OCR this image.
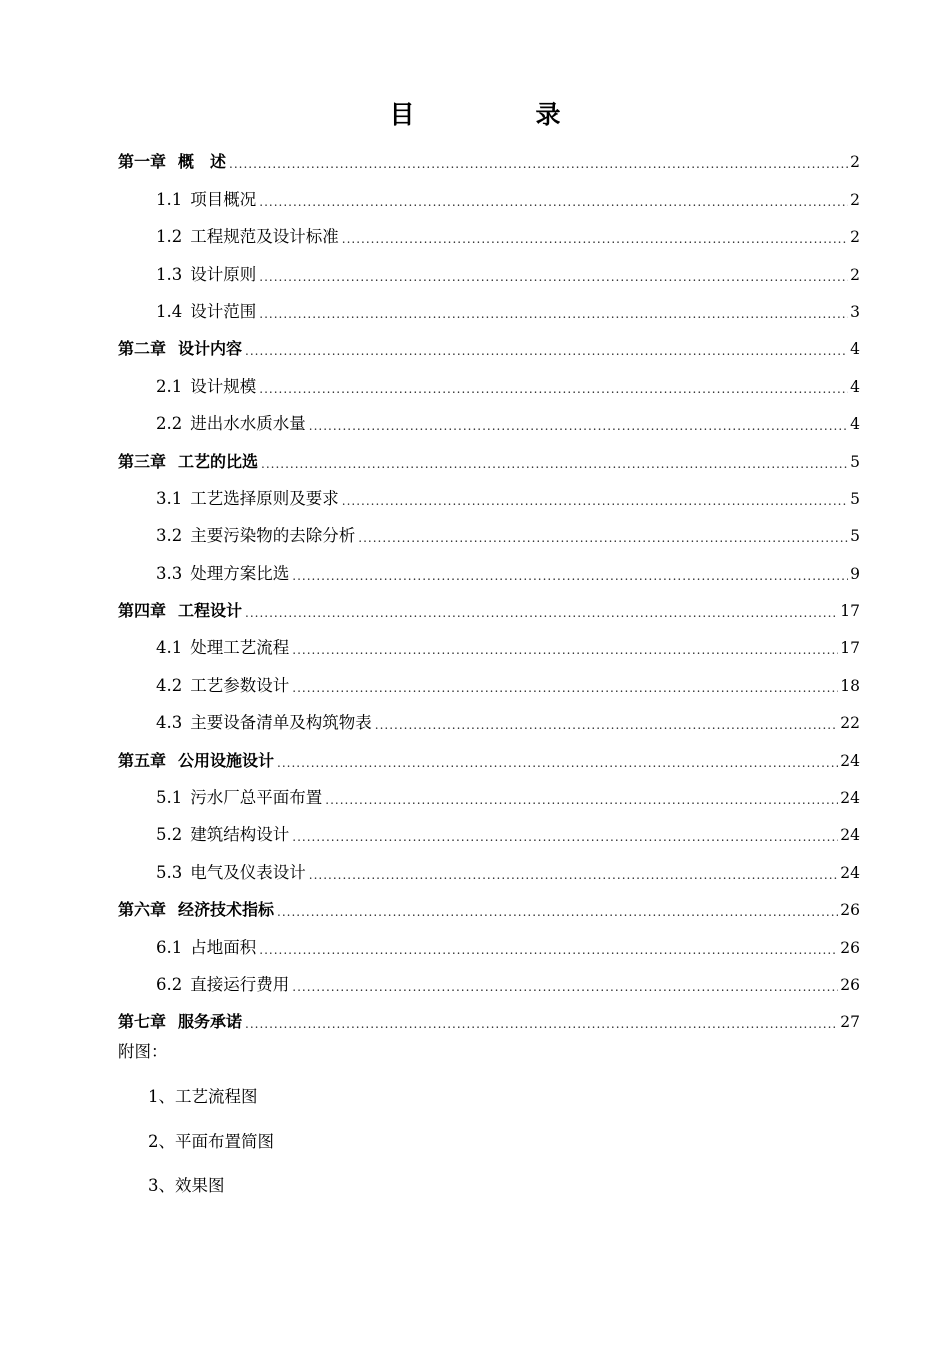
目　录
第一章 概　述 .....	2
1.1 项目概况 .....	2
1.2 工程规范及设计标准 .....	2
1.3 设计原则 .....	2
1.4 设计范围 .....	3
第二章 设计内容 .....	4
2.1 设计规模 .....	4
2.2 进出水水质水量 .....	4
第三章 工艺的比选 .....	5
3.1 工艺选择原则及要求 .....	5
3.2 主要污染物的去除分析 .....	5
3.3 处理方案比选 .....	9
第四章 工程设计 .....	17
4.1 处理工艺流程 .....	17
4.2 工艺参数设计 .....	18
4.3 主要设备清单及构筑物表 .....	22
第五章 公用设施设计 .....	24
5.1 污水厂总平面布置 .....	24
5.2 建筑结构设计 .....	24
5.3 电气及仪表设计 .....	24
第六章 经济技术指标 .....	26
6.1 占地面积 .....	26
6.2 直接运行费用 .....	26
第七章 服务承诺 .....	27
附图：
1、工艺流程图
2、平面布置简图
3、效果图
